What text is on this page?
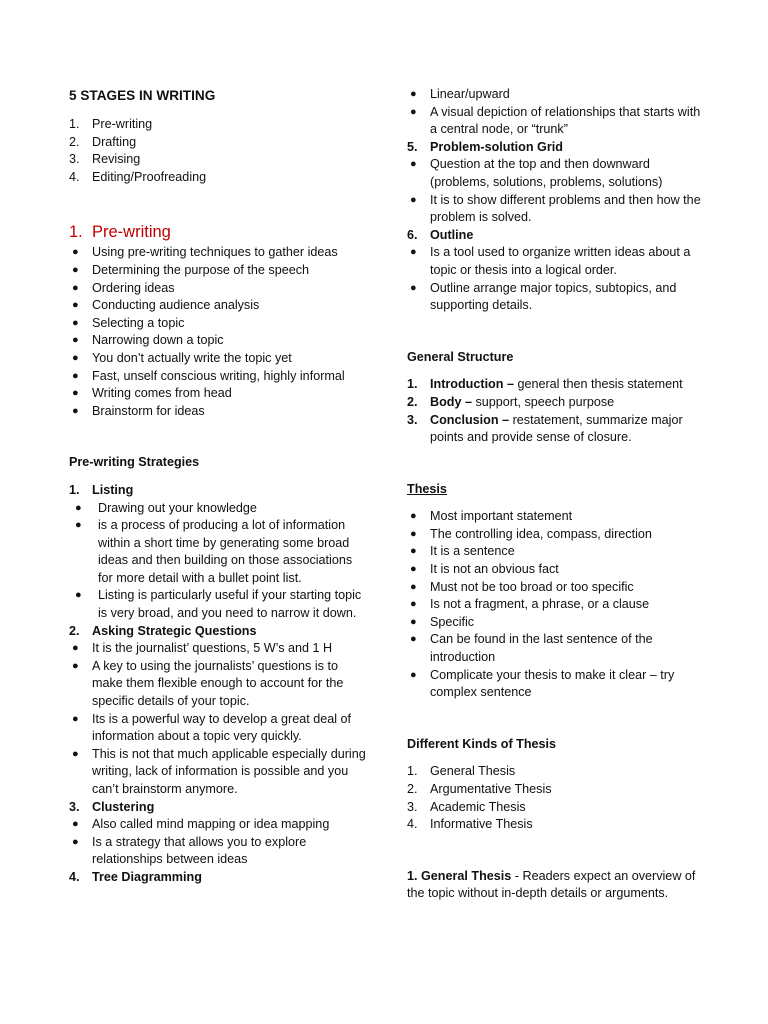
5 STAGES IN WRITING
1. Pre-writing
2. Drafting
3. Revising
4. Editing/Proofreading
1. Pre-writing
● Using pre-writing techniques to gather ideas
● Determining the purpose of the speech
● Ordering ideas
● Conducting audience analysis
● Selecting a topic
● Narrowing down a topic
● You don’t actually write the topic yet
● Fast, unself conscious writing, highly informal
● Writing comes from head
● Brainstorm for ideas
Pre-writing Strategies
1. Listing
● Drawing out your knowledge
● is a process of producing a lot of information within a short time by generating some broad ideas and then building on those associations for more detail with a bullet point list.
● Listing is particularly useful if your starting topic is very broad, and you need to narrow it down.
2. Asking Strategic Questions
● It is the journalist’ questions, 5 W’s and 1 H
● A key to using the journalists’ questions is to make them flexible enough to account for the specific details of your topic.
● Its is a powerful way to develop a great deal of information about a topic very quickly.
● This is not that much applicable especially during writing, lack of information is possible and you can’t brainstorm anymore.
3. Clustering
● Also called mind mapping or idea mapping
● Is a strategy that allows you to explore relationships between ideas
4. Tree Diagramming
● Linear/upward
● A visual depiction of relationships that starts with a central node, or “trunk”
5. Problem-solution Grid
● Question at the top and then downward (problems, solutions, problems, solutions)
● It is to show different problems and then how the problem is solved.
6. Outline
● Is a tool used to organize written ideas about a topic or thesis into a logical order.
● Outline arrange major topics, subtopics, and supporting details.
General Structure
1. Introduction – general then thesis statement
2. Body – support, speech purpose
3. Conclusion – restatement, summarize major points and provide sense of closure.
Thesis
● Most important statement
● The controlling idea, compass, direction
● It is a sentence
● It is not an obvious fact
● Must not be too broad or too specific
● Is not a fragment, a phrase, or a clause
● Specific
● Can be found in the last sentence of the introduction
● Complicate your thesis to make it clear – try complex sentence
Different Kinds of Thesis
1. General Thesis
2. Argumentative Thesis
3. Academic Thesis
4. Informative Thesis
1. General Thesis - Readers expect an overview of the topic without in-depth details or arguments.
